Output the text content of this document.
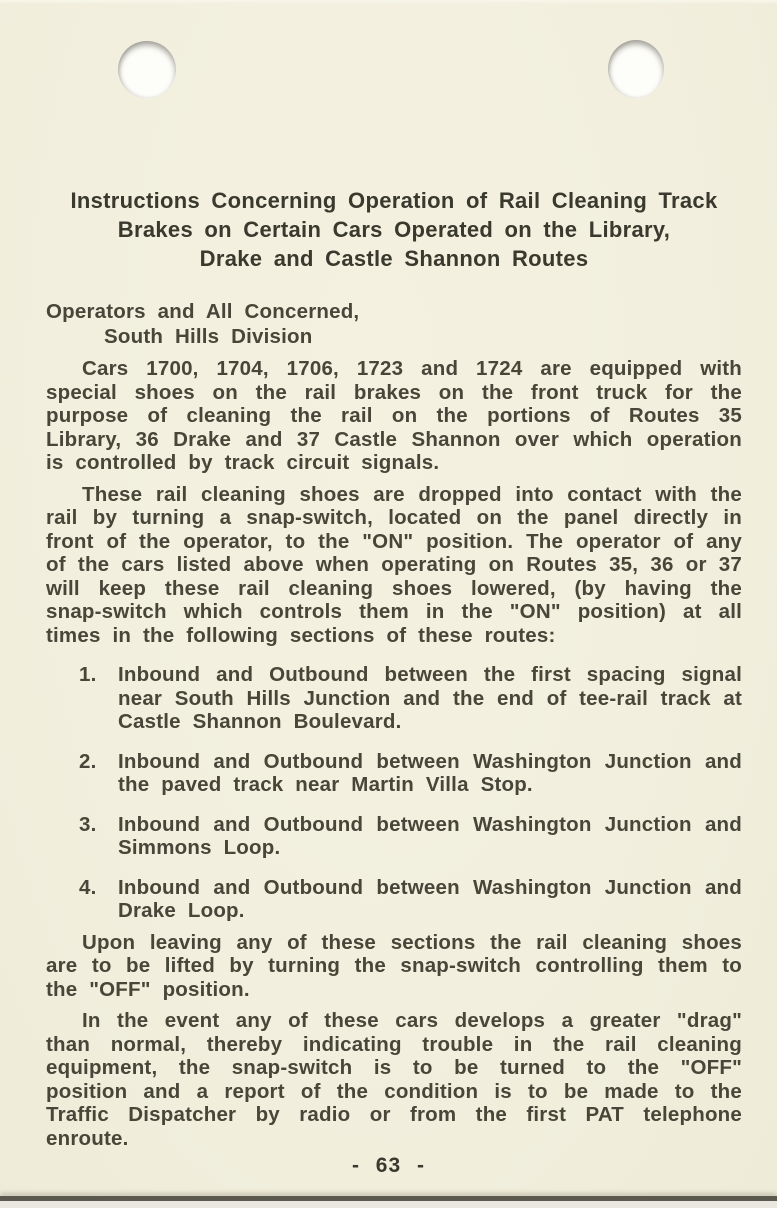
Instructions Concerning Operation of Rail Cleaning Track
Brakes on Certain Cars Operated on the Library,
Drake and Castle Shannon Routes
Operators and All Concerned,
South Hills Division

Cars 1700, 1704, 1706, 1723 and 1724 are equipped with special shoes on the rail brakes on the front truck for the purpose of cleaning the rail on the portions of Routes 35 Library, 36 Drake and 37 Castle Shannon over which operation is controlled by track circuit signals.

These rail cleaning shoes are dropped into contact with the rail by turning a snap-switch, located on the panel directly in front of the operator, to the "ON" position. The operator of any of the cars listed above when operating on Routes 35, 36 or 37 will keep these rail cleaning shoes lowered, (by having the snap-switch which controls them in the "ON" position) at all times in the following sections of these routes:

1.	Inbound and Outbound between the first spacing signal near South Hills Junction and the end of tee-rail track at Castle Shannon Boulevard.
2.	Inbound and Outbound between Washington Junction and the paved track near Martin Villa Stop.
3.	Inbound and Outbound between Washington Junction and Simmons Loop.
4.	Inbound and Outbound between Washington Junction and Drake Loop.

Upon leaving any of these sections the rail cleaning shoes are to be lifted by turning the snap-switch controlling them to the "OFF" position.

In the event any of these cars develops a greater "drag" than normal, thereby indicating trouble in the rail cleaning equipment, the snap-switch is to be turned to the "OFF" position and a report of the condition is to be made to the Traffic Dispatcher by radio or from the first PAT telephone enroute.

- 63 -
